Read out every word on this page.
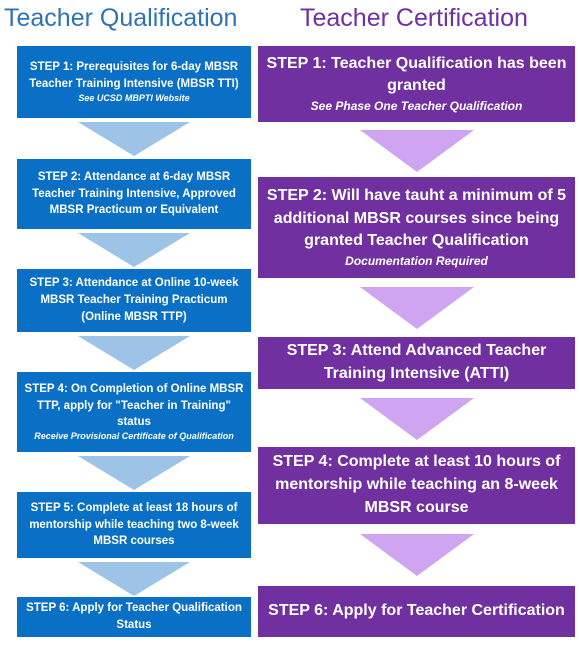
Teacher Qualification	Teacher Certification
STEP 1: Prerequisites for 6-day MBSR Teacher Training Intensive (MBSR TTI)
See UCSD MBPTI Website
STEP 2: Attendance at 6-day MBSR Teacher Training Intensive, Approved MBSR Practicum or Equivalent
STEP 3: Attendance at Online 10-week MBSR Teacher Training Practicum (Online MBSR TTP)
STEP 4: On Completion of Online MBSR TTP, apply for "Teacher in Training" status
Receive Provisional Certificate of Qualification
STEP 5: Complete at least 18 hours of mentorship while teaching two 8-week MBSR courses
STEP 6: Apply for Teacher Qualification Status
STEP 1: Teacher Qualification has been granted
See Phase One Teacher Qualification
STEP 2: Will have tauht a minimum of 5 additional MBSR courses since being granted Teacher Qualification
Documentation Required
STEP 3: Attend Advanced Teacher Training Intensive (ATTI)
STEP 4: Complete at least 10 hours of mentorship while teaching an 8-week MBSR course
STEP 6: Apply for Teacher Certification
